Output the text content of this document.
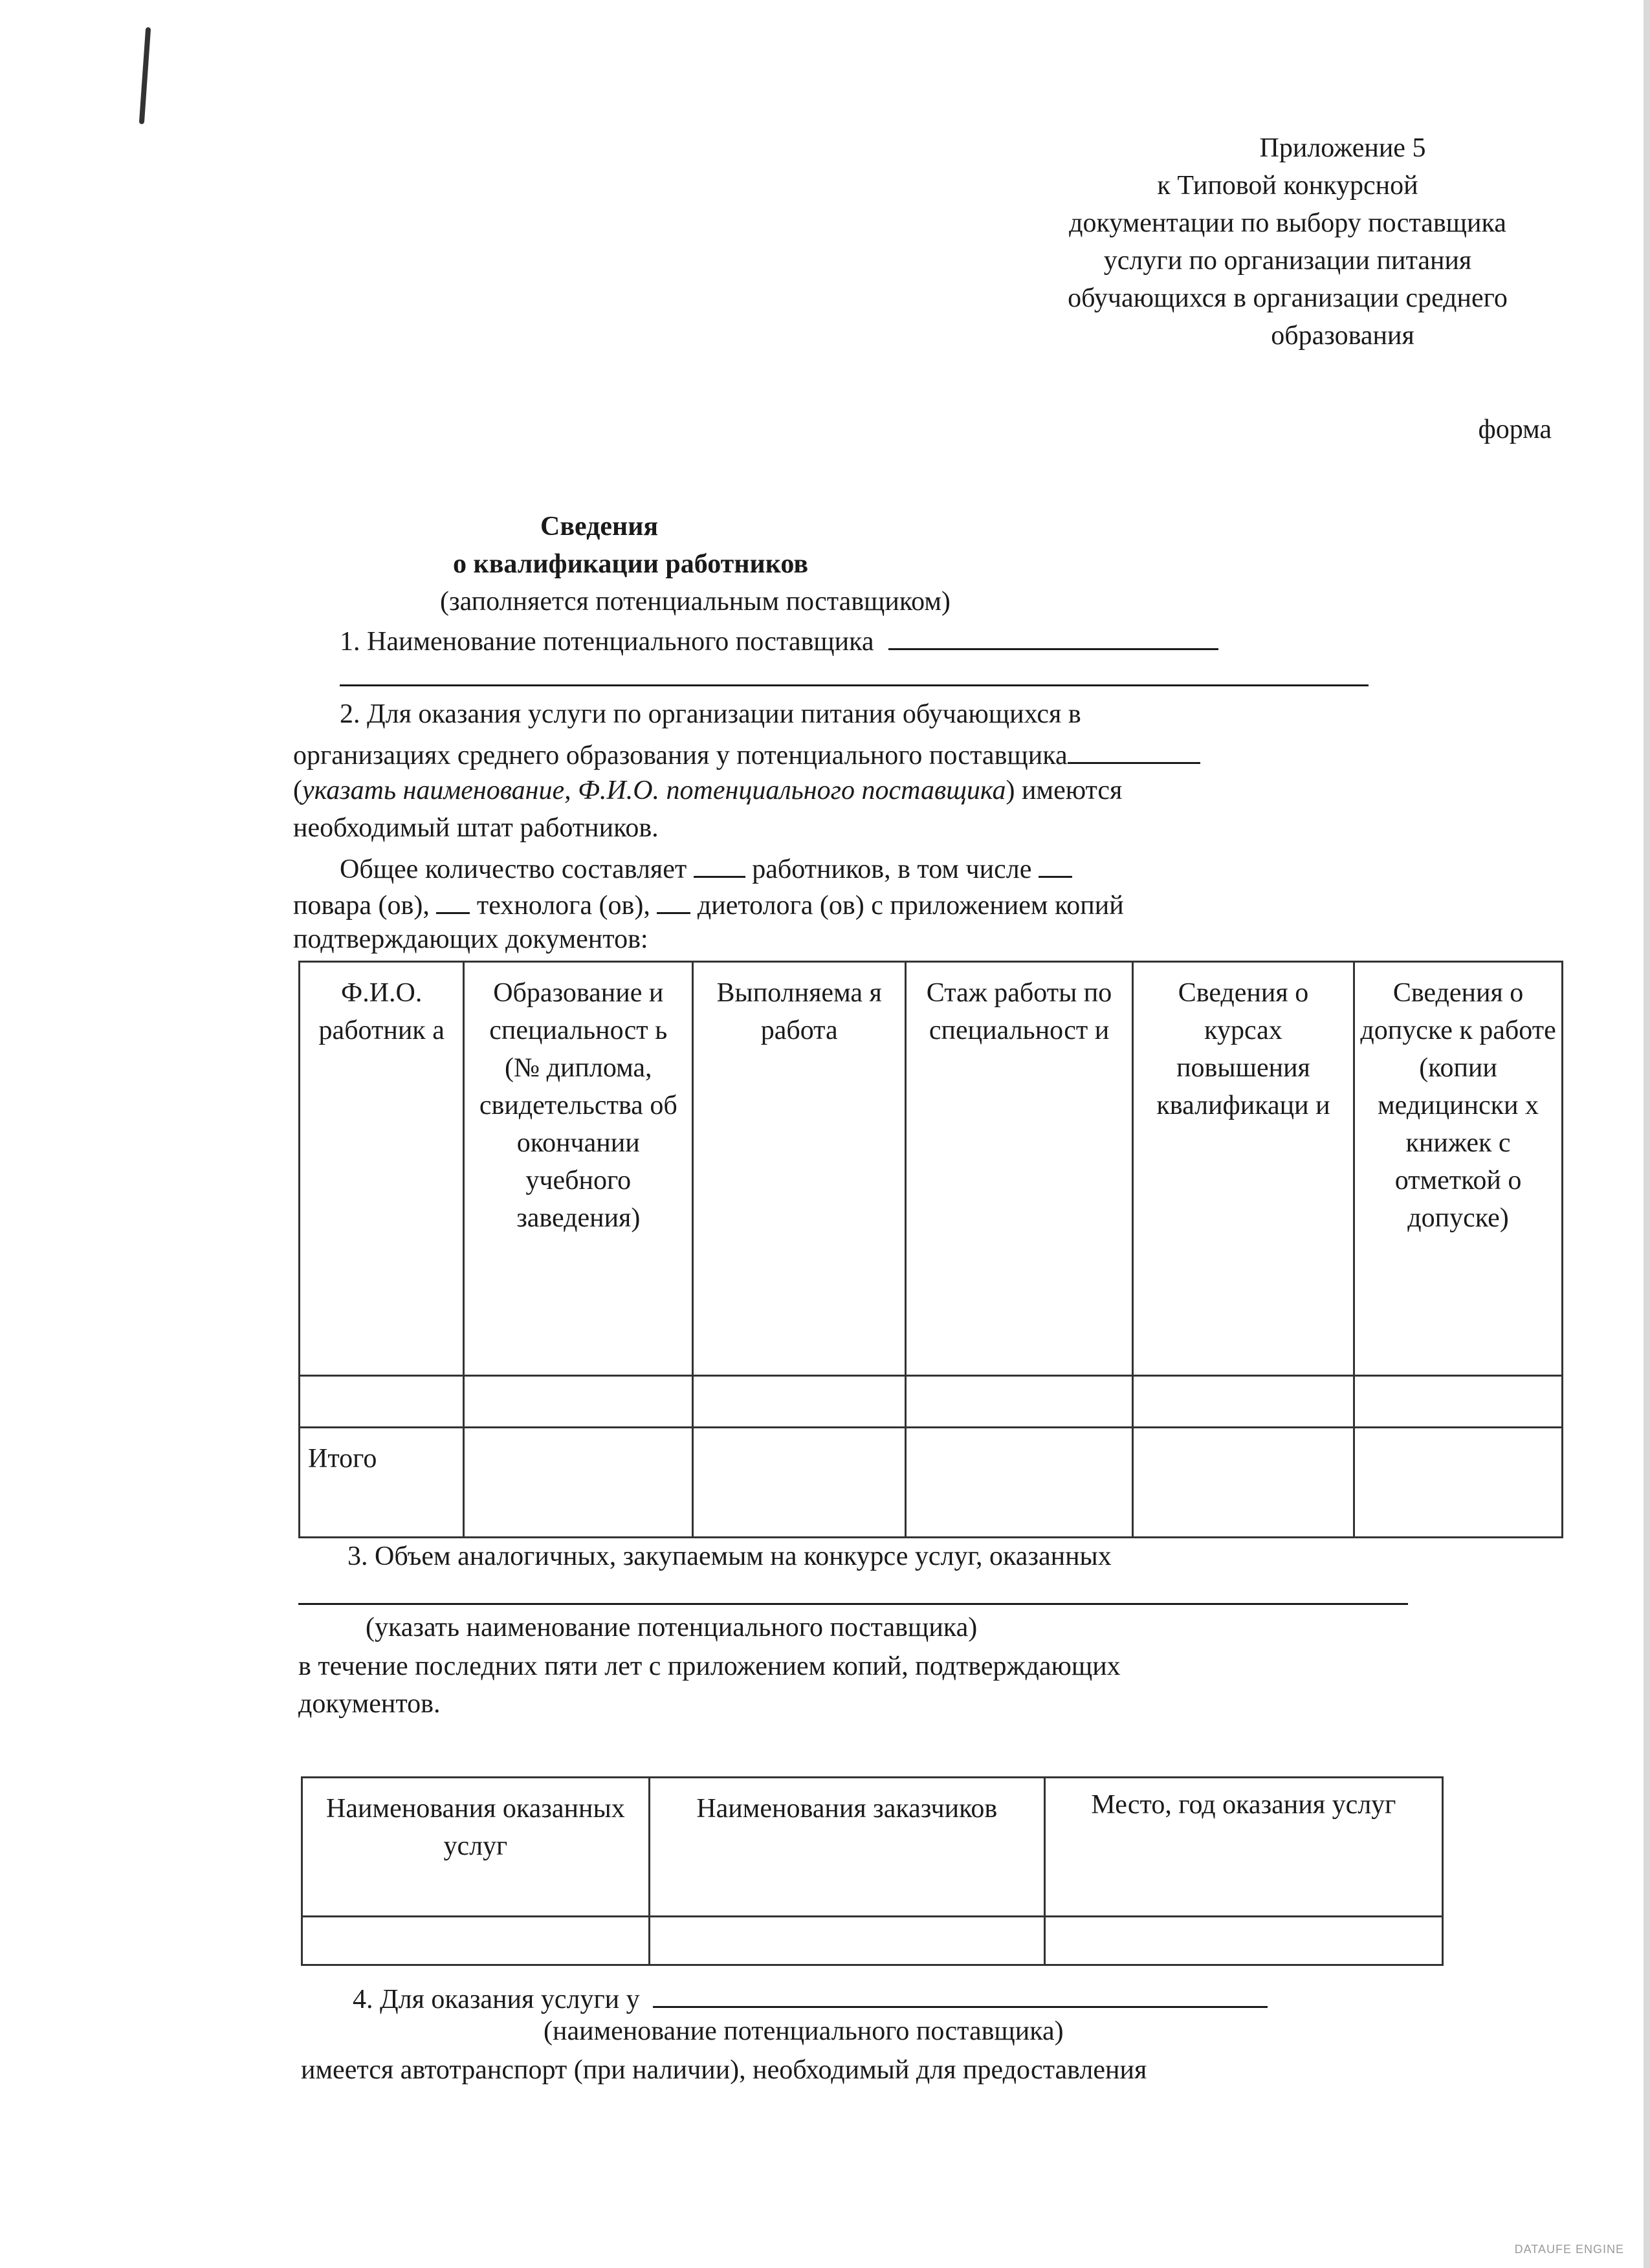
Приложение 5
к Типовой конкурсной
документации по выбору поставщика
услуги по организации питания
обучающихся в организации среднего
образования
форма
Сведения
о квалификации работников
(заполняется потенциальным поставщиком)
1. Наименование потенциального поставщика
2. Для оказания услуги по организации питания обучающихся в
организациях среднего образования у потенциального поставщика
(указать наименование, Ф.И.О. потенциального поставщика) имеются
необходимый штат работников.
Общее количество составляет работников, в том числе
повара (ов), технолога (ов), диетолога (ов) с приложением копий
подтверждающих документов:
Ф.И.О. работник а	Образование и специальност ь (№ диплома, свидетельства об окончании учебного заведения)	Выполняема я работа	Стаж работы по специальност и	Сведения о курсах повышения квалификаци и	Сведения о допуске к работе (копии медицински х книжек с отметкой о допуске)

Итого					
3. Объем аналогичных, закупаемым на конкурсе услуг, оказанных
(указать наименование потенциального поставщика)
в течение последних пяти лет с приложением копий, подтверждающих
документов.
Наименования оказанных услуг	Наименования заказчиков	Место, год оказания услуг

4. Для оказания услуги у
(наименование потенциального поставщика)
имеется автотранспорт (при наличии), необходимый для предоставления
DATAUFE ENGINE
